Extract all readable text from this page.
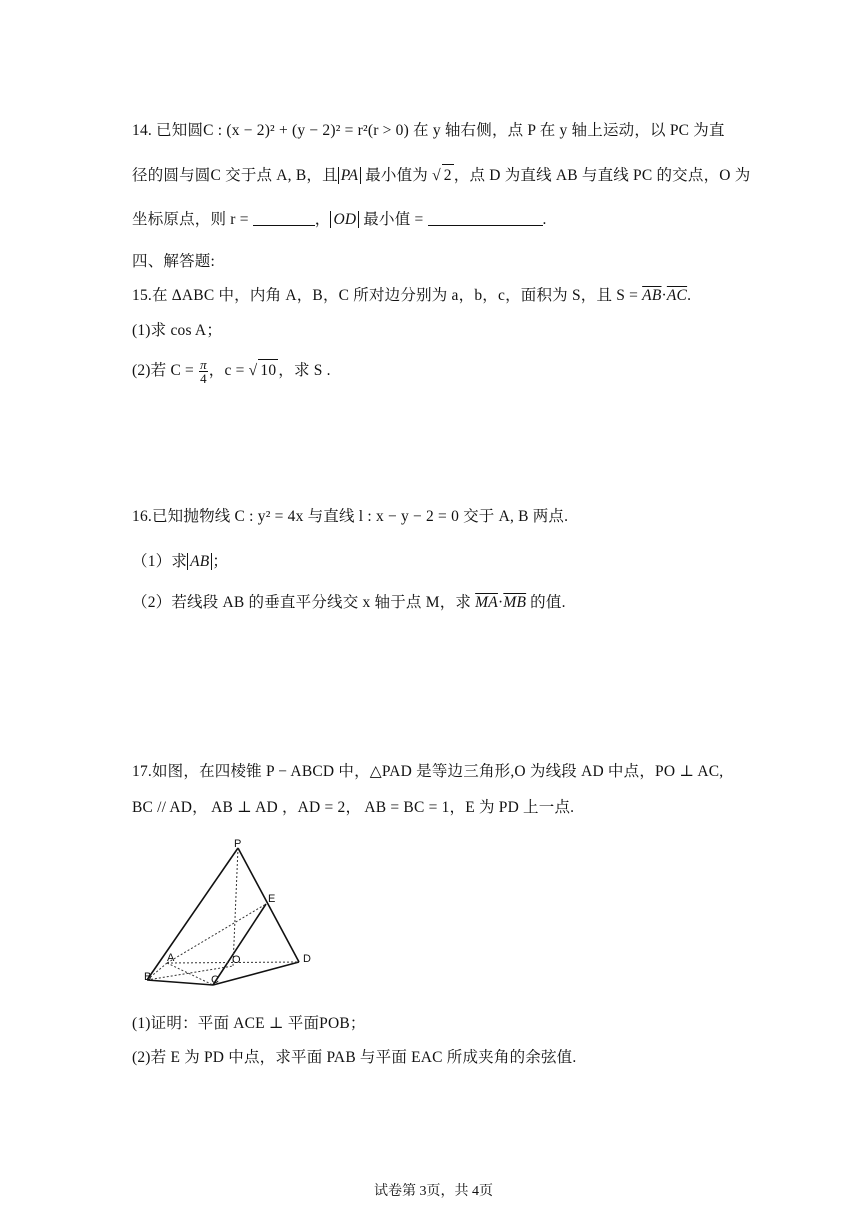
14. 已知圆C : (x − 2)² + (y − 2)² = r²(r > 0) 在 y 轴右侧，点 P 在 y 轴上运动，以 PC 为直
径的圆与圆C 交于点 A, B，且 PA 最小值为 √ 2 ，点 D 为直线 AB 与直线 PC 的交点，O 为
坐标原点，则 r =	， OD 最小值 =	.
四、解答题:
15.在 ΔABC 中，内角 A，B，C 所对边分别为 a，b，c，面积为 S，且 $S = \overline{AB}\cdot\overline{AC}$.
(1)求 cos A；
(2)若 $C = \frac{\pi}{4}$ ，c = √ 10 ，求 S .
16.已知抛物线 C : y² = 4x 与直线 l : x − y − 2 = 0 交于 A, B 两点.
（1）求 AB ；
（2）若线段 AB 的垂直平分线交 x 轴于点 M，求 $\overline{MA}\cdot\overline{MB}$ 的值.
17.如图，在四棱锥 P − ABCD 中，△PAD 是等边三角形,O 为线段 AD 中点，PO ⊥ AC,
BC // AD， AB ⊥ AD ，AD = 2， AB = BC = 1，E 为 PD 上一点.
P
E
A	O	D
B	C
(1)证明：平面 ACE ⊥ 平面POB；
(2)若 E 为 PD 中点，求平面 PAB 与平面 EAC 所成夹角的余弦值.
试卷第 3页，共 4页
